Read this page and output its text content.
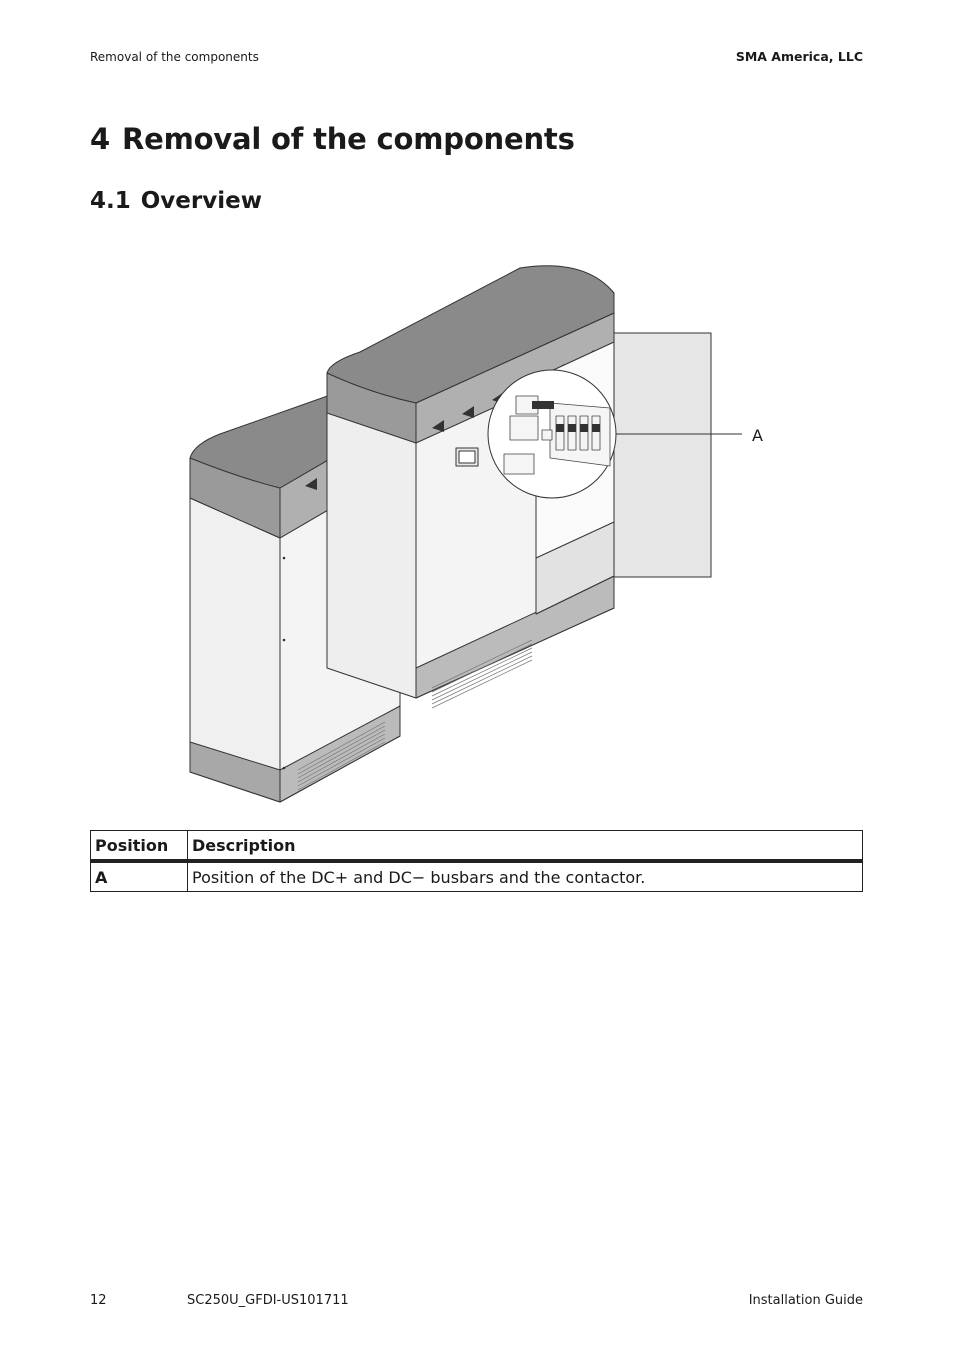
Removal of the components	SMA America, LLC
4 Removal of the components
4.1 Overview
A
Position	Description
A	Position of the DC+ and DC− busbars and the contactor.
12	SC250U_GFDI-US101711	Installation Guide
